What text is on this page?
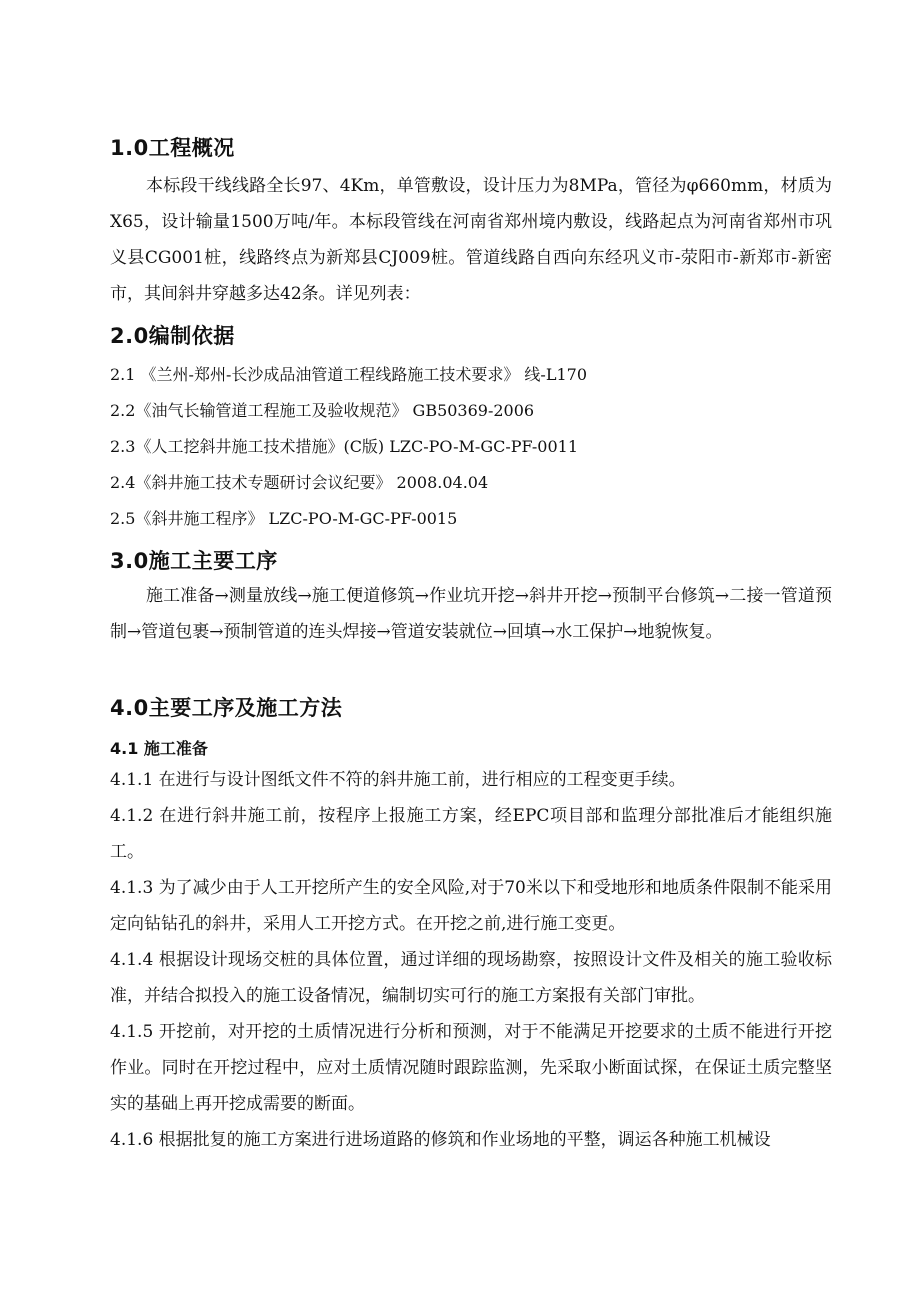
1.0工程概况
本标段干线线路全长97、4Km，单管敷设，设计压力为8MPa，管径为φ660mm，材质为X65，设计输量1500万吨/年。本标段管线在河南省郑州境内敷设，线路起点为河南省郑州市巩义县CG001桩，线路终点为新郑县CJ009桩。管道线路自西向东经巩义市-荥阳市-新郑市-新密市，其间斜井穿越多达42条。详见列表：
2.0编制依据
2.1 《兰州-郑州-长沙成品油管道工程线路施工技术要求》 线-L170
2.2《油气长输管道工程施工及验收规范》 GB50369-2006
2.3《人工挖斜井施工技术措施》(C版) LZC-PO-M-GC-PF-0011
2.4《斜井施工技术专题研讨会议纪要》 2008.04.04
2.5《斜井施工程序》 LZC-PO-M-GC-PF-0015
3.0施工主要工序
施工准备→测量放线→施工便道修筑→作业坑开挖→斜井开挖→预制平台修筑→二接一管道预制→管道包裹→预制管道的连头焊接→管道安装就位→回填→水工保护→地貌恢复。
4.0主要工序及施工方法
4.1 施工准备
4.1.1 在进行与设计图纸文件不符的斜井施工前，进行相应的工程变更手续。
4.1.2 在进行斜井施工前，按程序上报施工方案，经EPC项目部和监理分部批准后才能组织施工。
4.1.3 为了减少由于人工开挖所产生的安全风险,对于70米以下和受地形和地质条件限制不能采用定向钻钻孔的斜井，采用人工开挖方式。在开挖之前,进行施工变更。
4.1.4 根据设计现场交桩的具体位置，通过详细的现场勘察，按照设计文件及相关的施工验收标准，并结合拟投入的施工设备情况，编制切实可行的施工方案报有关部门审批。
4.1.5 开挖前，对开挖的土质情况进行分析和预测，对于不能满足开挖要求的土质不能进行开挖作业。同时在开挖过程中，应对土质情况随时跟踪监测，先采取小断面试探，在保证土质完整坚实的基础上再开挖成需要的断面。
4.1.6 根据批复的施工方案进行进场道路的修筑和作业场地的平整，调运各种施工机械设
